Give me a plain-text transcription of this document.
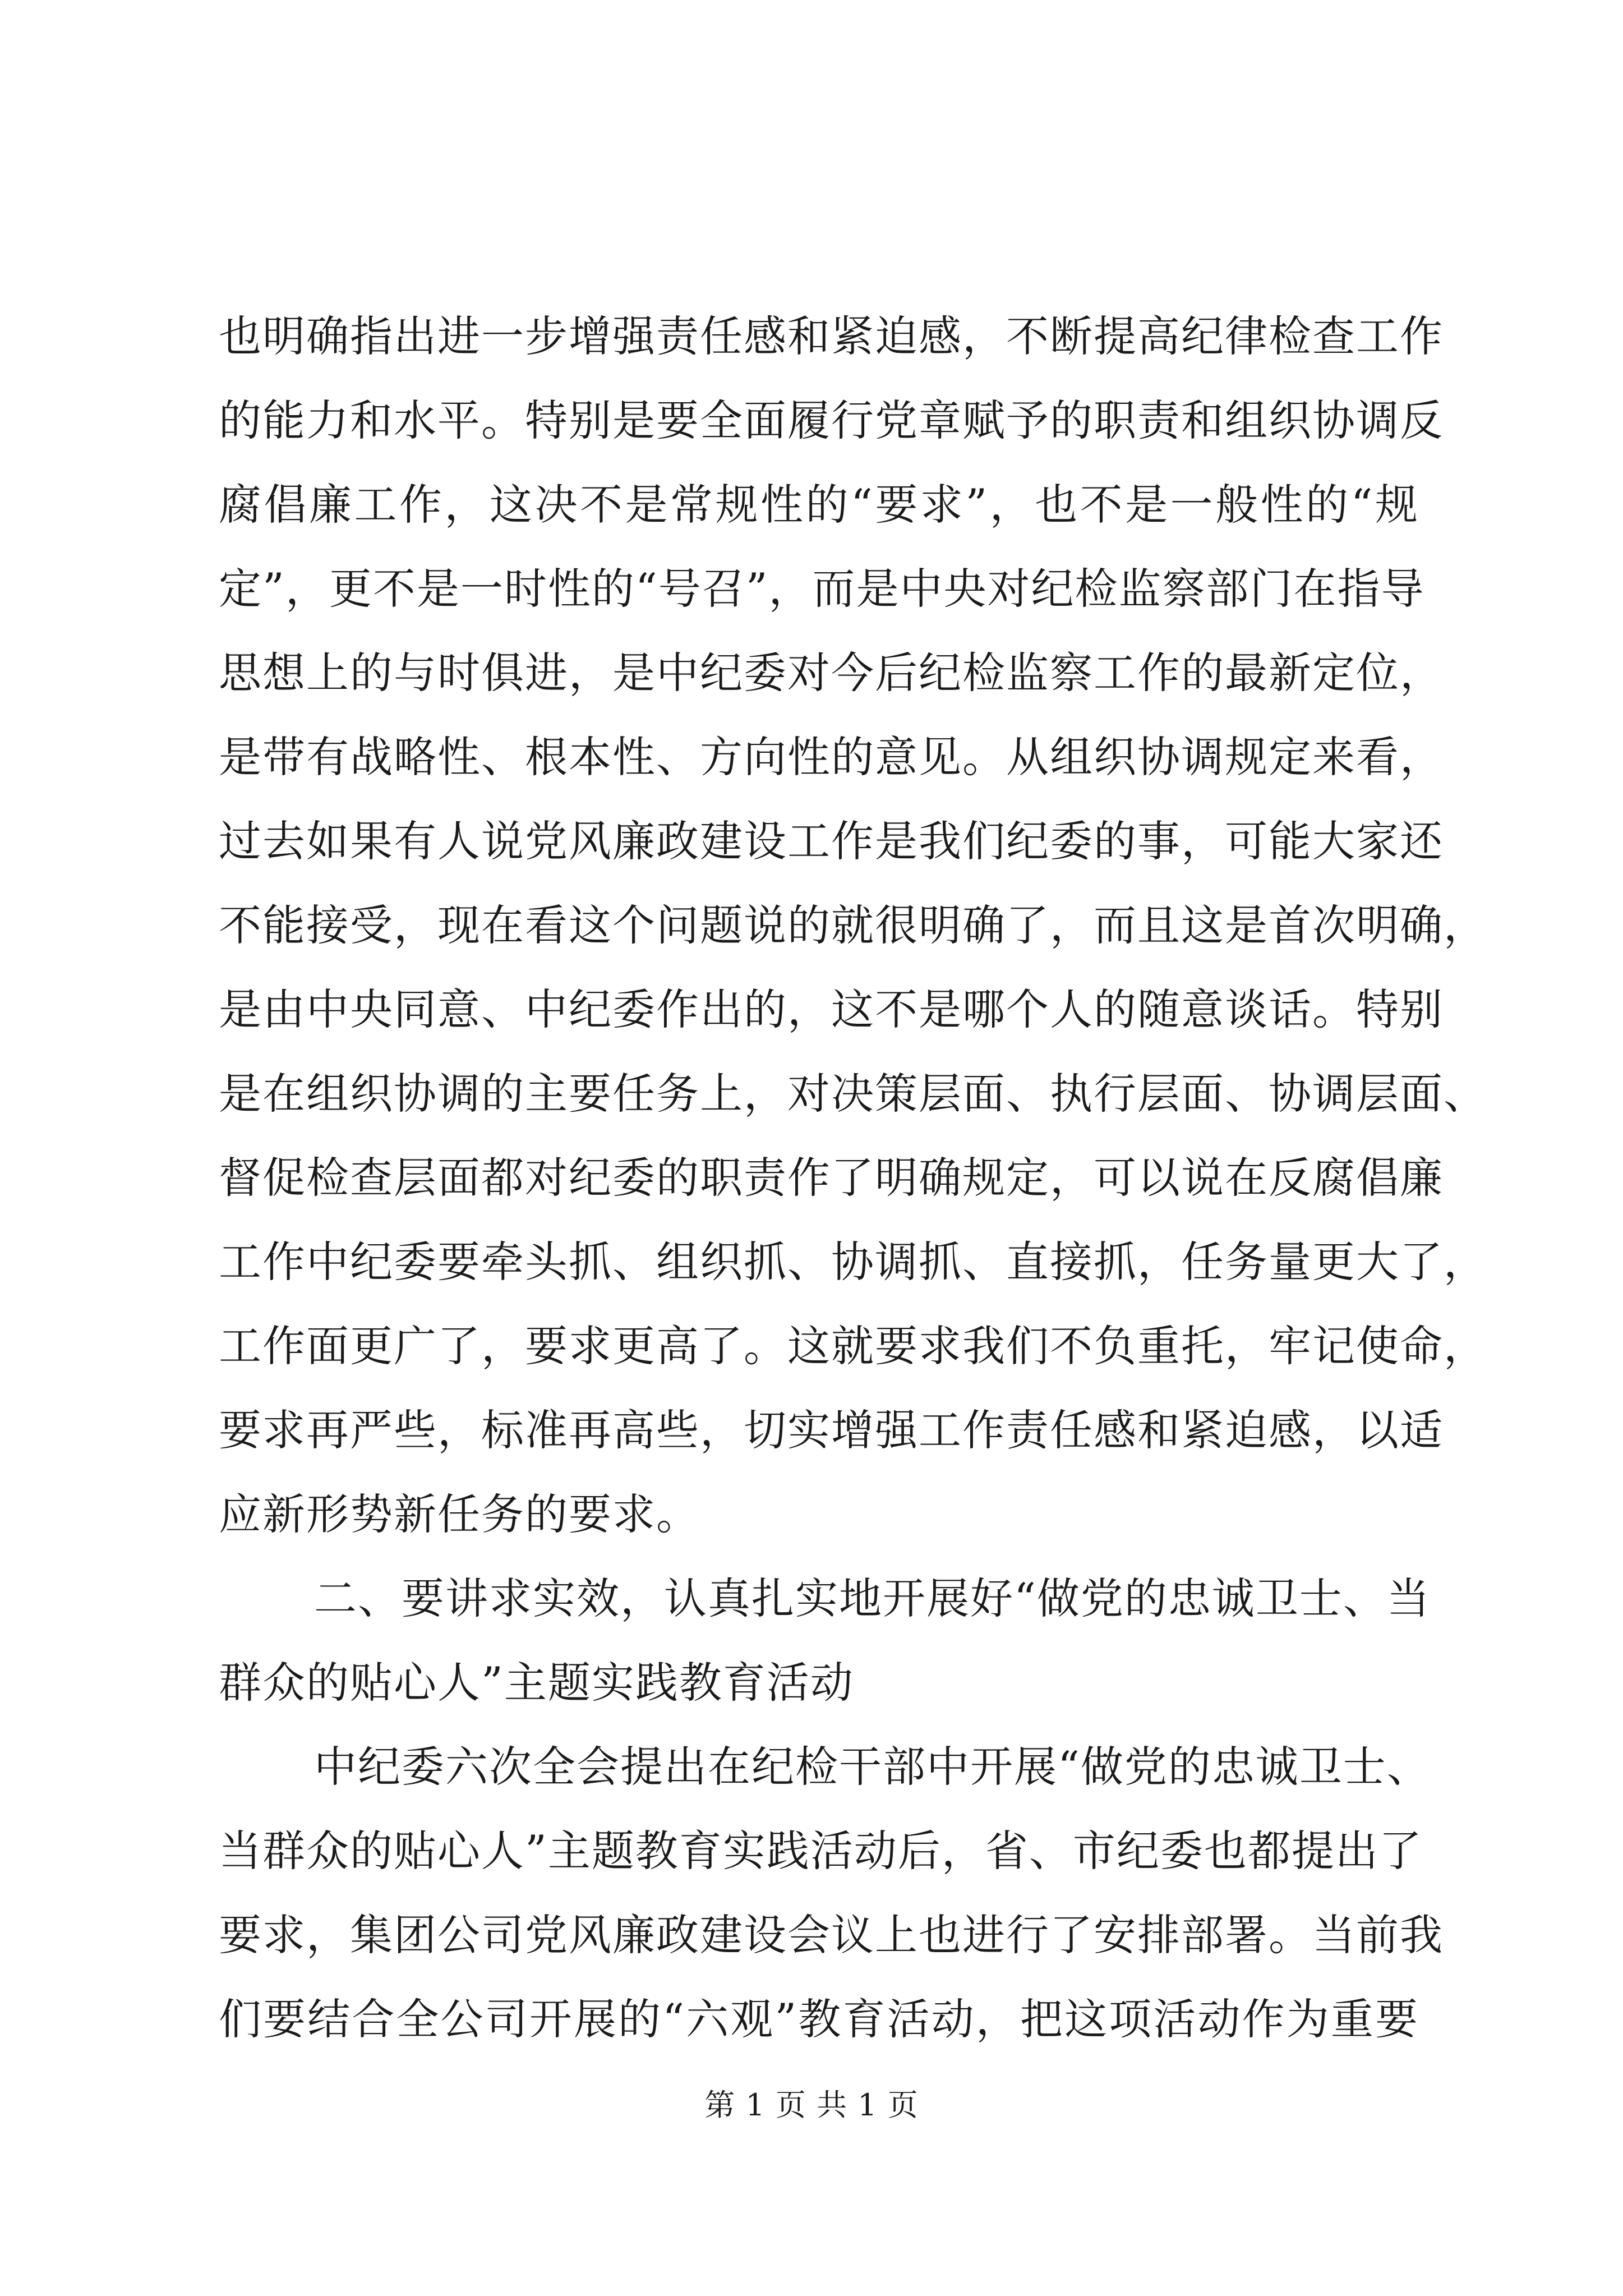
也明确指出进一步增强责任感和紧迫感，不断提高纪律检查工作
的能力和水平。特别是要全面履行党章赋予的职责和组织协调反
腐倡廉工作，这决不是常规性的“要求”，也不是一般性的“规
定”，更不是一时性的“号召”，而是中央对纪检监察部门在指导
思想上的与时俱进，是中纪委对今后纪检监察工作的最新定位，
是带有战略性、根本性、方向性的意见。从组织协调规定来看，
过去如果有人说党风廉政建设工作是我们纪委的事，可能大家还
不能接受，现在看这个问题说的就很明确了，而且这是首次明确，
是由中央同意、中纪委作出的，这不是哪个人的随意谈话。特别
是在组织协调的主要任务上，对决策层面、执行层面、协调层面、
督促检查层面都对纪委的职责作了明确规定，可以说在反腐倡廉
工作中纪委要牵头抓、组织抓、协调抓、直接抓，任务量更大了，
工作面更广了，要求更高了。这就要求我们不负重托，牢记使命，
要求再严些，标准再高些，切实增强工作责任感和紧迫感，以适
应新形势新任务的要求。
二、要讲求实效，认真扎实地开展好“做党的忠诚卫士、当
群众的贴心人”主题实践教育活动
中纪委六次全会提出在纪检干部中开展“做党的忠诚卫士、
当群众的贴心人”主题教育实践活动后，省、市纪委也都提出了
要求，集团公司党风廉政建设会议上也进行了安排部署。当前我
们要结合全公司开展的“六观”教育活动，把这项活动作为重要
第 1 页 共 1 页
